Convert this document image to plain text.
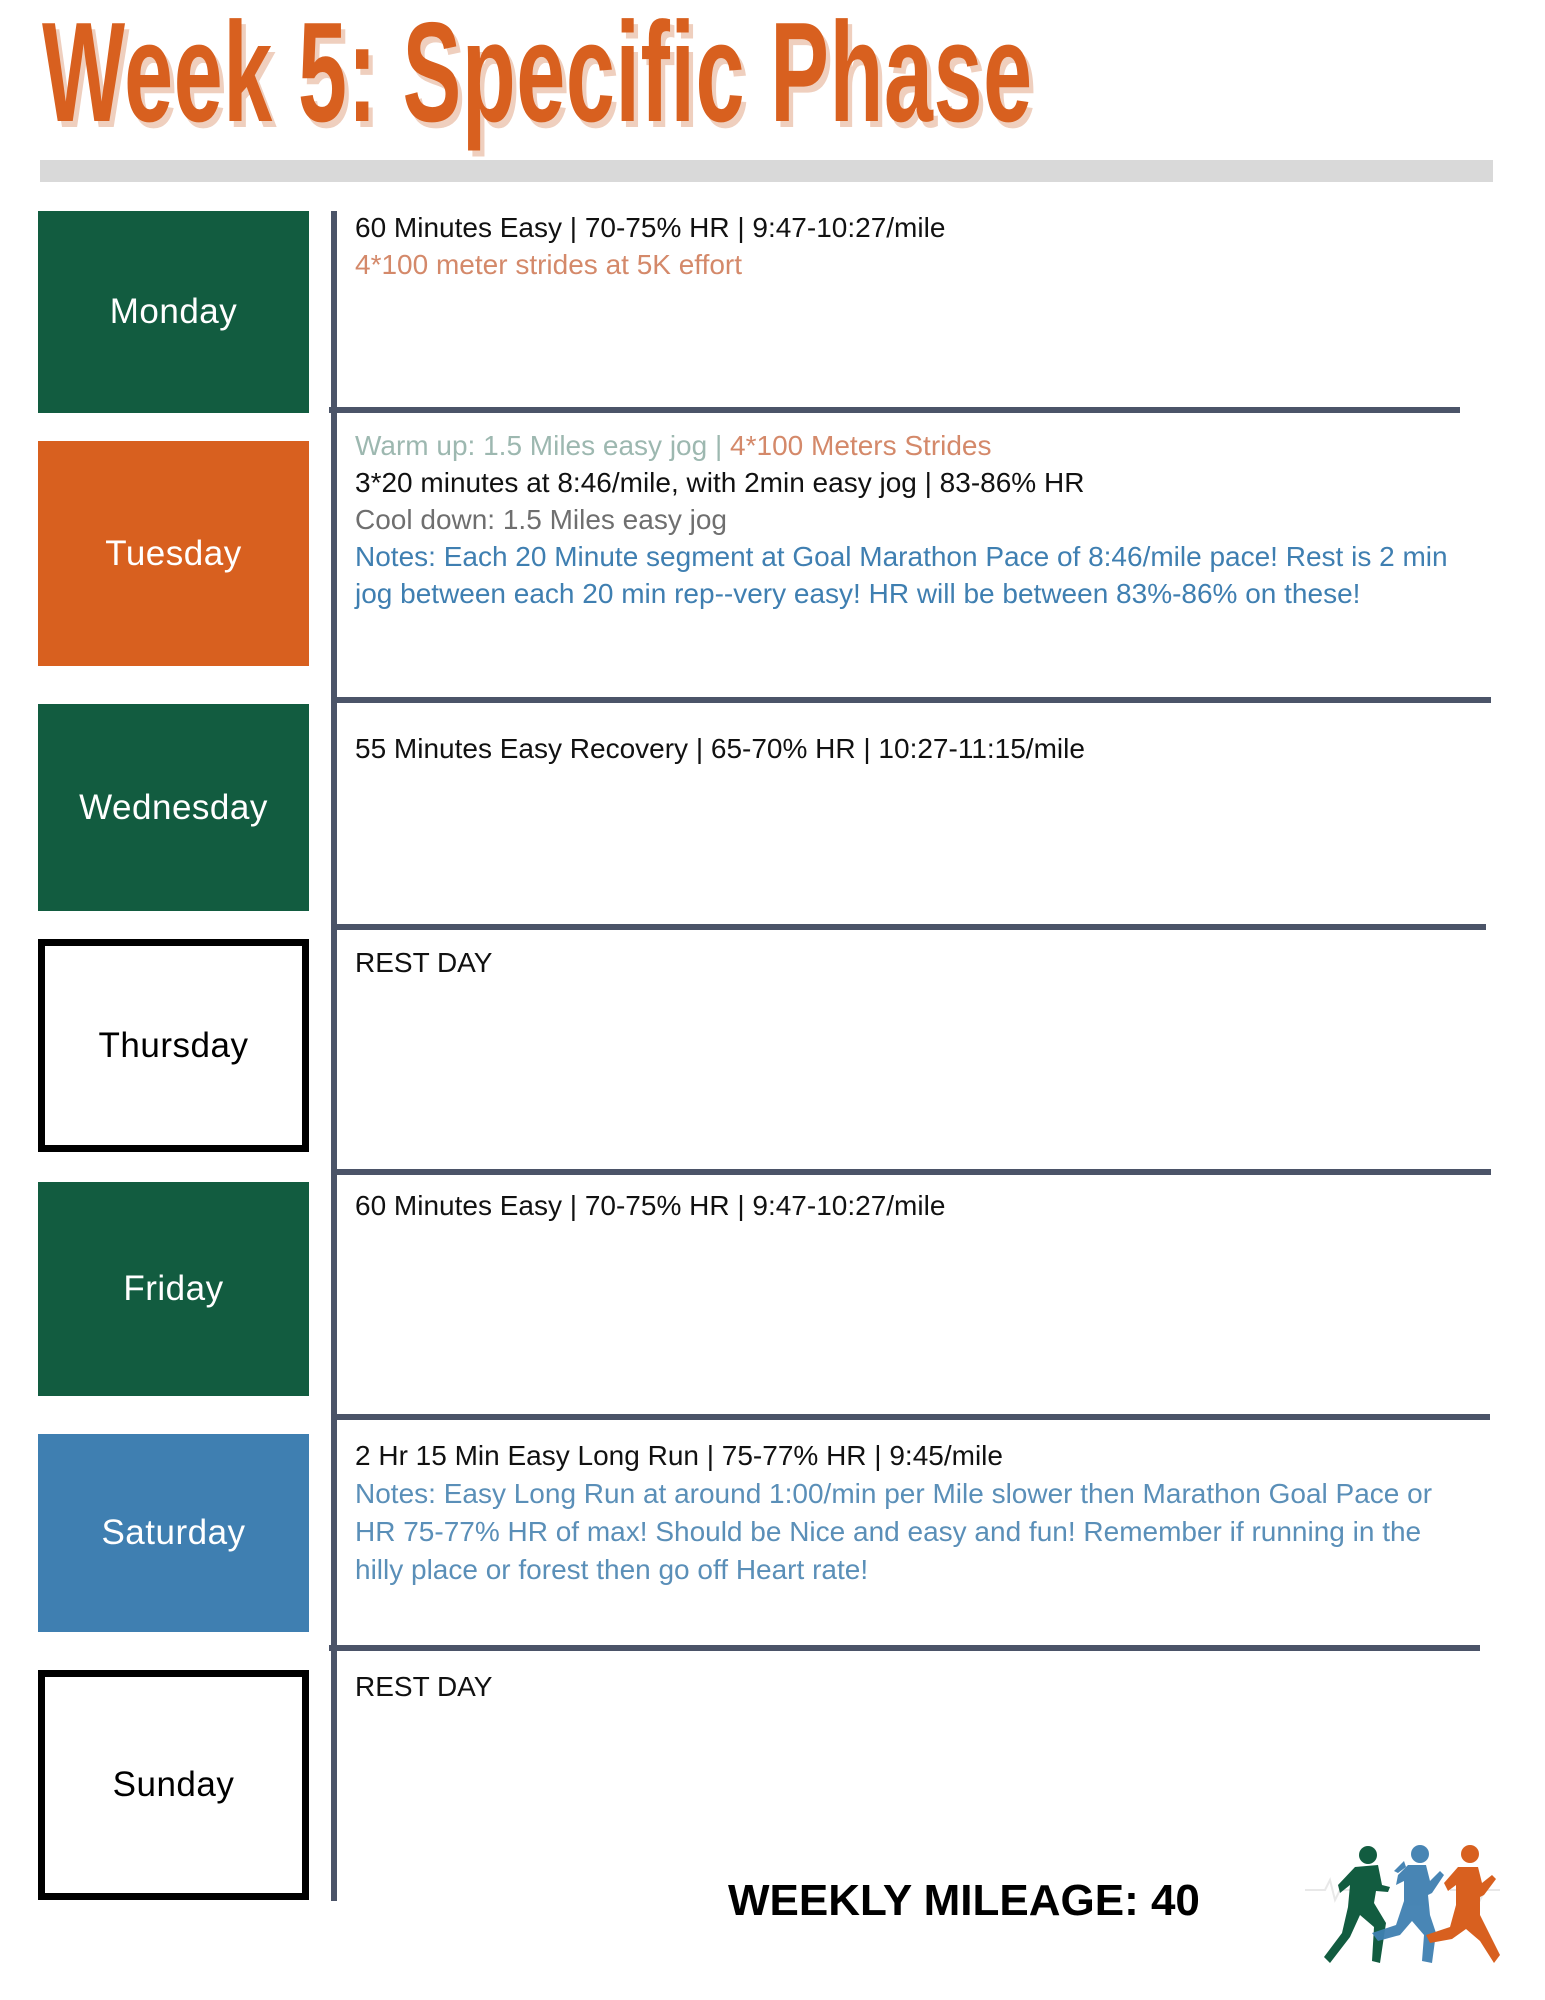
Week 5: Specific Phase
Monday
Tuesday
Wednesday
Thursday
Friday
Saturday
Sunday
60 Minutes Easy | 70-75% HR | 9:47-10:27/mile
4*100 meter strides at 5K effort
Warm up: 1.5 Miles easy jog | 4*100 Meters Strides
3*20 minutes at 8:46/mile, with 2min easy jog | 83-86% HR
Cool down: 1.5 Miles easy jog
Notes: Each 20 Minute segment at Goal Marathon Pace of 8:46/mile pace! Rest is 2 min jog between each 20 min rep--very easy! HR will be between 83%-86% on these!
55 Minutes Easy Recovery | 65-70% HR | 10:27-11:15/mile
REST DAY
60 Minutes Easy | 70-75% HR | 9:47-10:27/mile
2 Hr 15 Min Easy Long Run | 75-77% HR | 9:45/mile
Notes: Easy Long Run at around 1:00/min per Mile slower then Marathon Goal Pace or HR 75-77% HR of max! Should be Nice and easy and fun! Remember if running in the hilly place or forest then go off Heart rate!
REST DAY
WEEKLY MILEAGE: 40
